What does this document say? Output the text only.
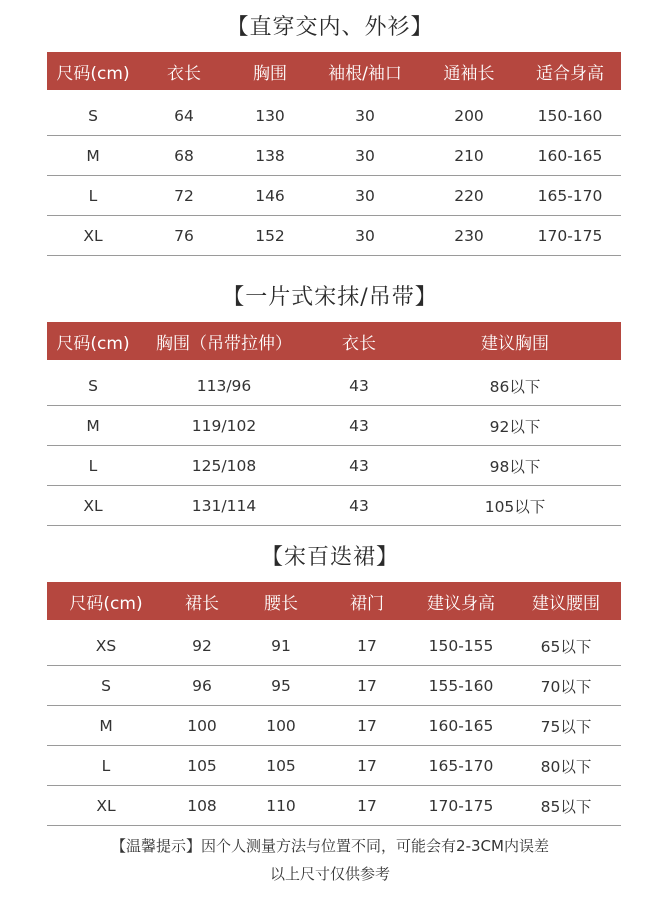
【直穿交内、外衫】
尺码(cm)	衣长	胸围	袖根/袖口	通袖长	适合身高
S	64	130	30	200	150-160
M	68	138	30	210	160-165
L	72	146	30	220	165-170
XL	76	152	30	230	170-175
【一片式宋抹/吊带】
尺码(cm)	胸围（吊带拉伸）	衣长	建议胸围
S	113/96	43	86以下
M	119/102	43	92以下
L	125/108	43	98以下
XL	131/114	43	105以下
【宋百迭裙】
尺码(cm)	裙长	腰长	裙门	建议身高	建议腰围
XS	92	91	17	150-155	65以下
S	96	95	17	155-160	70以下
M	100	100	17	160-165	75以下
L	105	105	17	165-170	80以下
XL	108	110	17	170-175	85以下
【温馨提示】因个人测量方法与位置不同，可能会有2-3CM内误差
以上尺寸仅供参考
